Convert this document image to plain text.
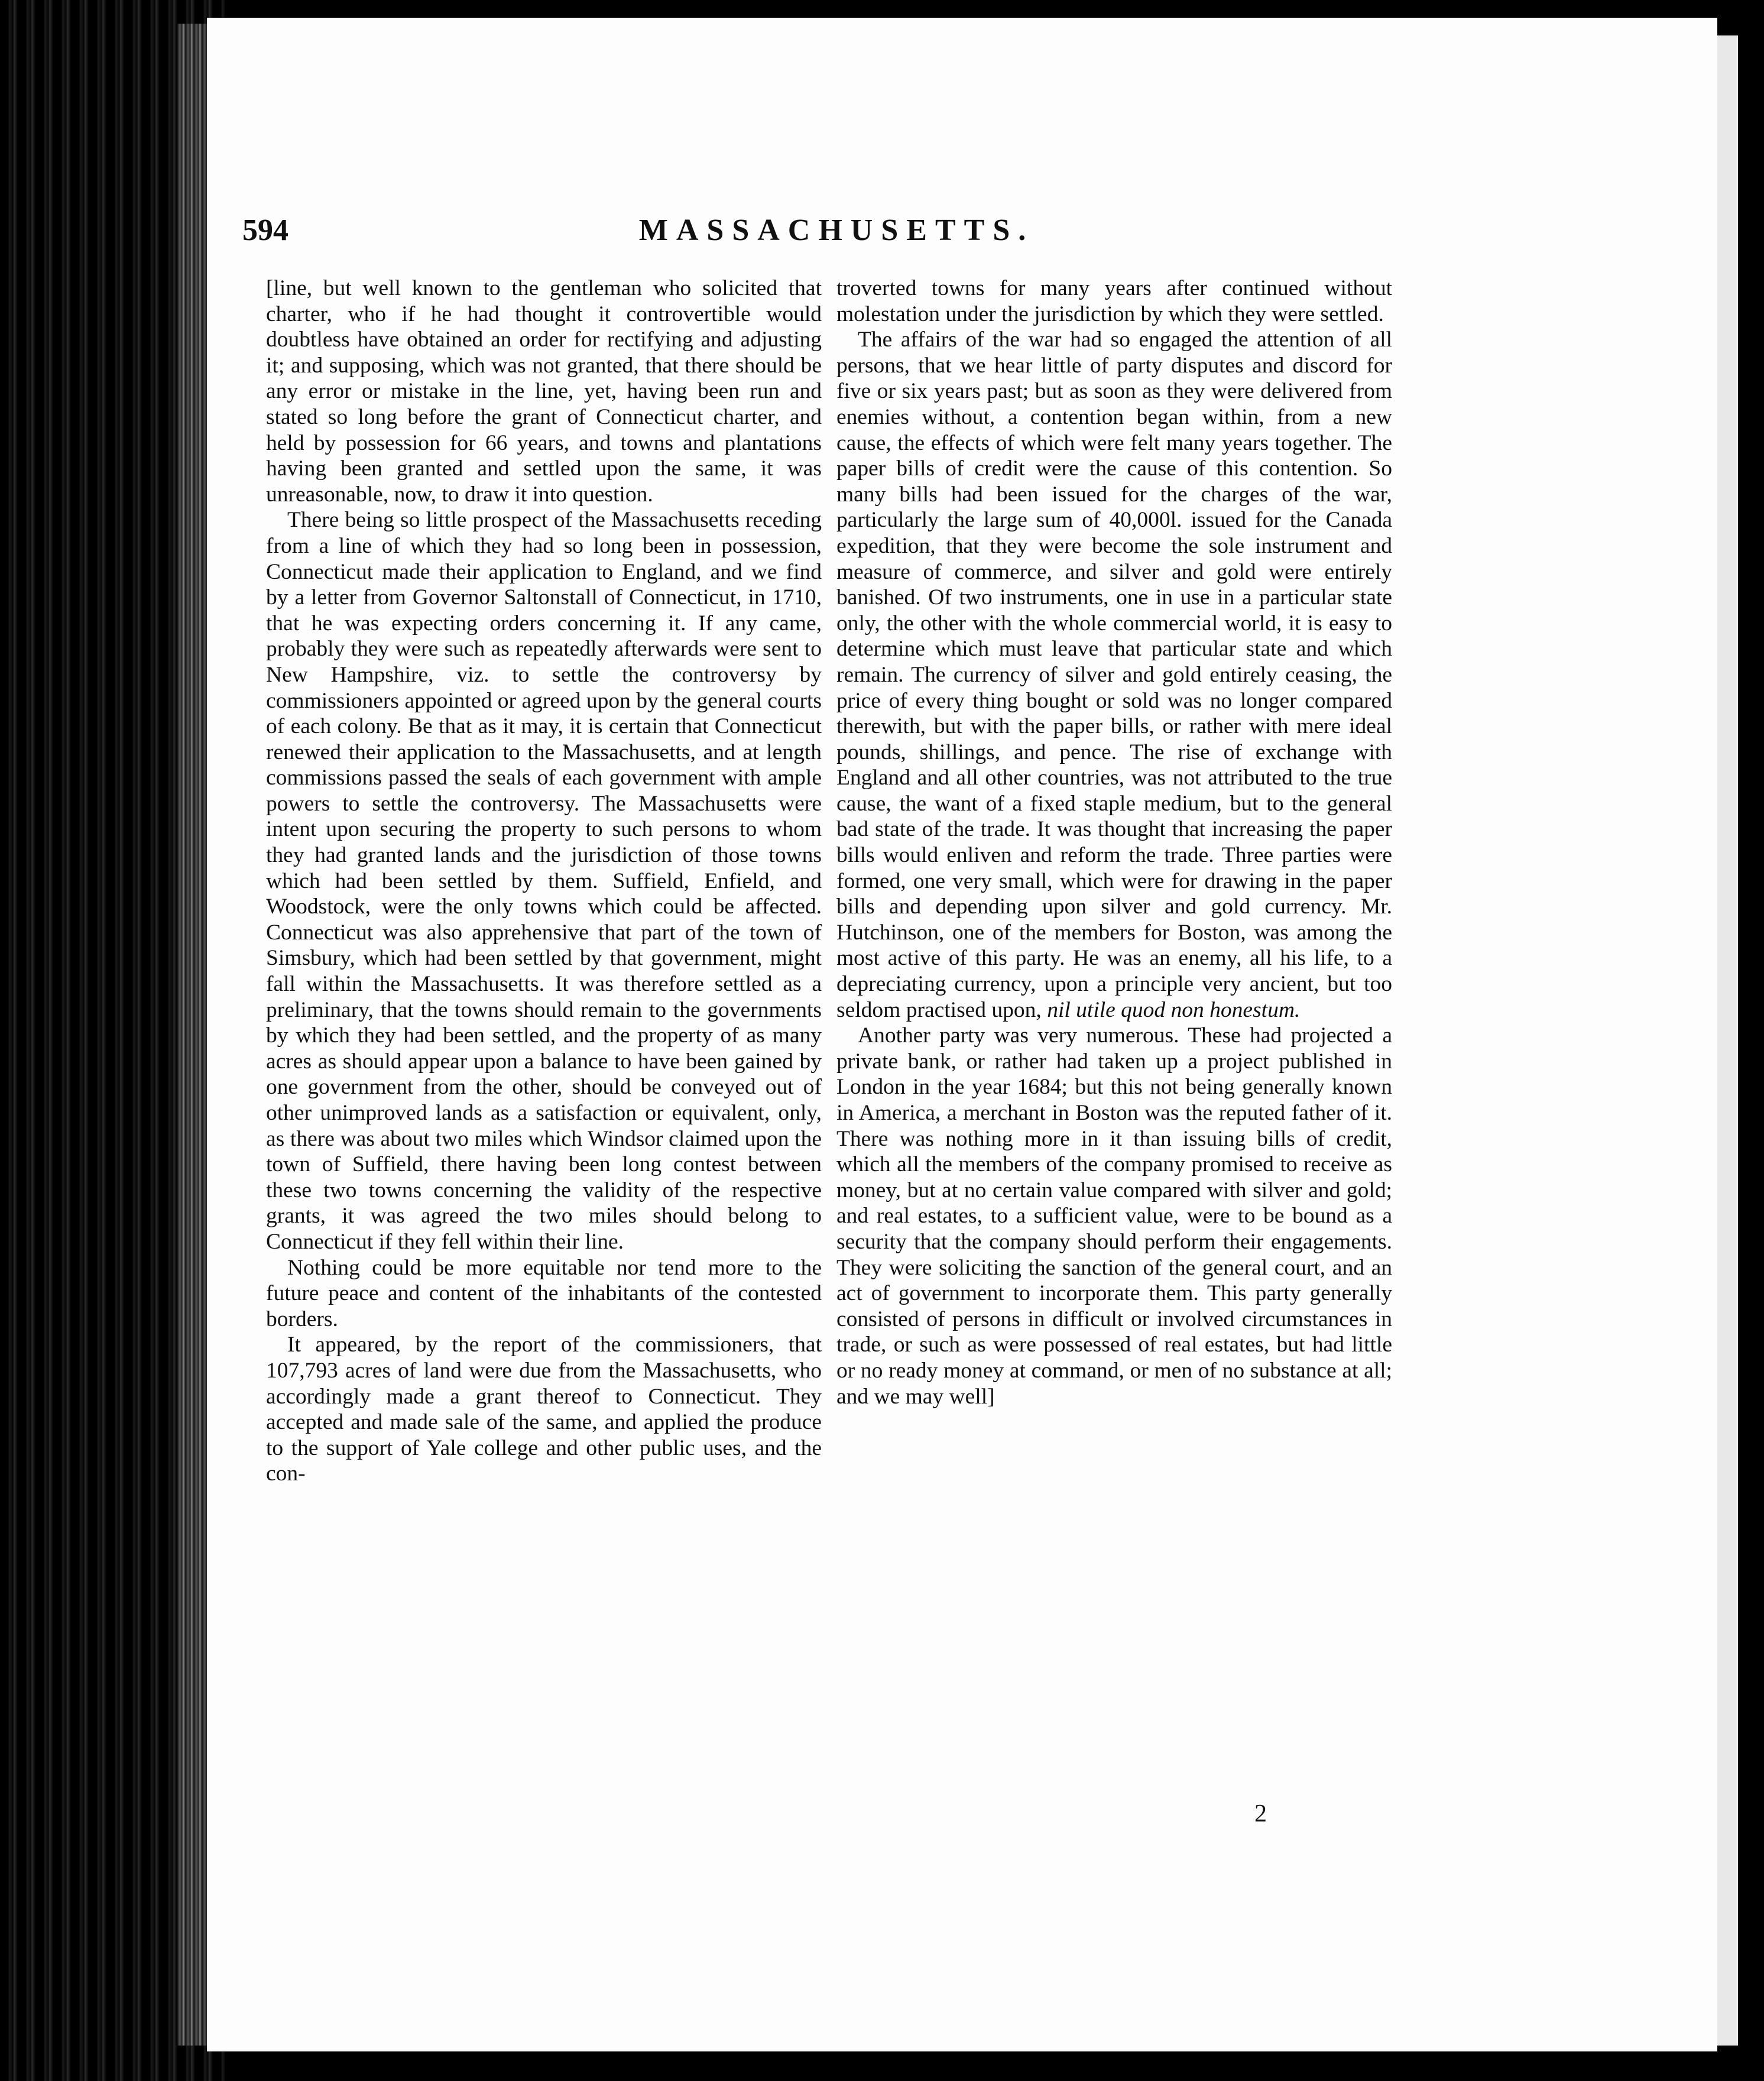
594	MASSACHUSETTS.

[line, but well known to the gentleman who solicited that charter, who if he had thought it controvertible would doubtless have obtained an order for rectifying and adjusting it; and supposing, which was not granted, that there should be any error or mistake in the line, yet, having been run and stated so long before the grant of Connecticut charter, and held by possession for 66 years, and towns and plantations having been granted and settled upon the same, it was unreasonable, now, to draw it into question.

There being so little prospect of the Massachusetts receding from a line of which they had so long been in possession, Connecticut made their application to England, and we find by a letter from Governor Saltonstall of Connecticut, in 1710, that he was expecting orders concerning it. If any came, probably they were such as repeatedly afterwards were sent to New Hampshire, viz. to settle the controversy by commissioners appointed or agreed upon by the general courts of each colony. Be that as it may, it is certain that Connecticut renewed their application to the Massachusetts, and at length commissions passed the seals of each government with ample powers to settle the controversy. The Massachusetts were intent upon securing the property to such persons to whom they had granted lands and the jurisdiction of those towns which had been settled by them. Suffield, Enfield, and Woodstock, were the only towns which could be affected. Connecticut was also apprehensive that part of the town of Simsbury, which had been settled by that government, might fall within the Massachusetts. It was therefore settled as a preliminary, that the towns should remain to the governments by which they had been settled, and the property of as many acres as should appear upon a balance to have been gained by one government from the other, should be conveyed out of other unimproved lands as a satisfaction or equivalent, only, as there was about two miles which Windsor claimed upon the town of Suffield, there having been long contest between these two towns concerning the validity of the respective grants, it was agreed the two miles should belong to Connecticut if they fell within their line.

Nothing could be more equitable nor tend more to the future peace and content of the inhabitants of the contested borders.

It appeared, by the report of the commissioners, that 107,793 acres of land were due from the Massachusetts, who accordingly made a grant thereof to Connecticut. They accepted and made sale of the same, and applied the produce to the support of Yale college and other public uses, and the con-

troverted towns for many years after continued without molestation under the jurisdiction by which they were settled.

The affairs of the war had so engaged the attention of all persons, that we hear little of party disputes and discord for five or six years past; but as soon as they were delivered from enemies without, a contention began within, from a new cause, the effects of which were felt many years together. The paper bills of credit were the cause of this contention. So many bills had been issued for the charges of the war, particularly the large sum of 40,000l. issued for the Canada expedition, that they were become the sole instrument and measure of commerce, and silver and gold were entirely banished. Of two instruments, one in use in a particular state only, the other with the whole commercial world, it is easy to determine which must leave that particular state and which remain. The currency of silver and gold entirely ceasing, the price of every thing bought or sold was no longer compared therewith, but with the paper bills, or rather with mere ideal pounds, shillings, and pence. The rise of exchange with England and all other countries, was not attributed to the true cause, the want of a fixed staple medium, but to the general bad state of the trade. It was thought that increasing the paper bills would enliven and reform the trade. Three parties were formed, one very small, which were for drawing in the paper bills and depending upon silver and gold currency. Mr. Hutchinson, one of the members for Boston, was among the most active of this party. He was an enemy, all his life, to a depreciating currency, upon a principle very ancient, but too seldom practised upon, nil utile quod non honestum.

Another party was very numerous. These had projected a private bank, or rather had taken up a project published in London in the year 1684; but this not being generally known in America, a merchant in Boston was the reputed father of it. There was nothing more in it than issuing bills of credit, which all the members of the company promised to receive as money, but at no certain value compared with silver and gold; and real estates, to a sufficient value, were to be bound as a security that the company should perform their engagements. They were soliciting the sanction of the general court, and an act of government to incorporate them. This party generally consisted of persons in difficult or involved circumstances in trade, or such as were possessed of real estates, but had little or no ready money at command, or men of no substance at all; and we may well]

2
